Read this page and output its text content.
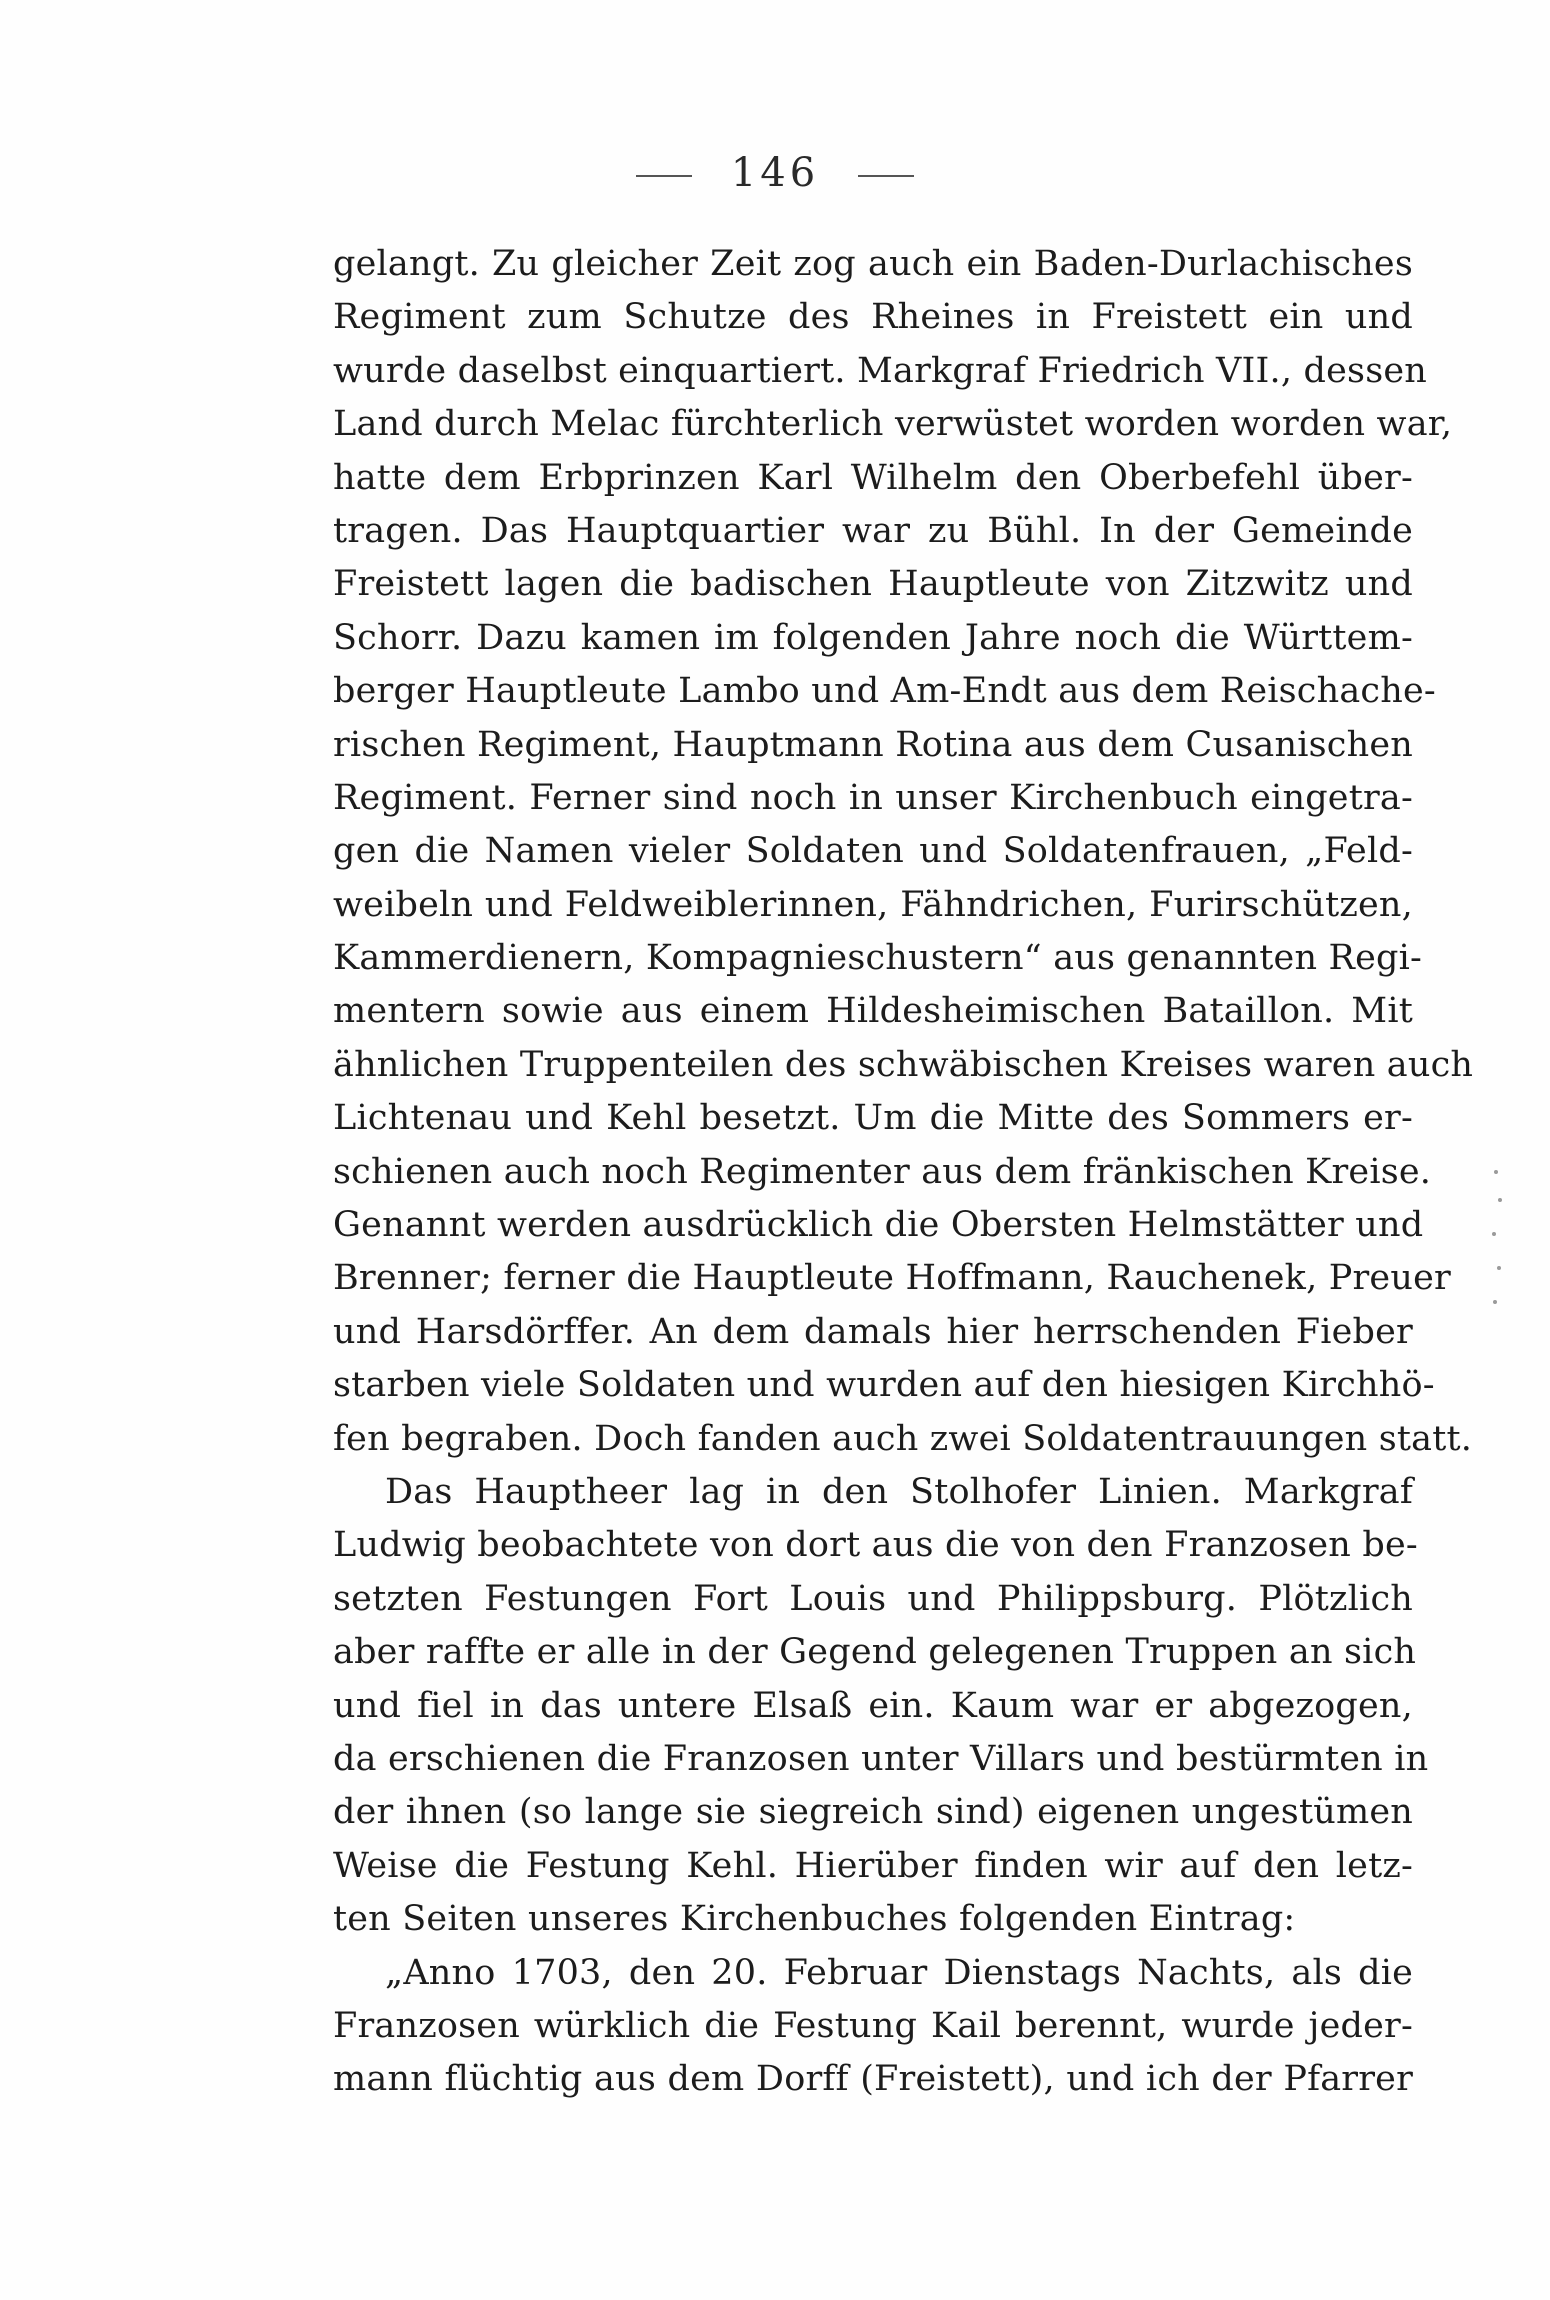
146
gelangt. Zu gleicher Zeit zog auch ein Baden-Durlachisches
Regiment zum Schutze des Rheines in Freistett ein und
wurde daselbst einquartiert. Markgraf Friedrich VII., dessen
Land durch Melac fürchterlich verwüstet worden worden war,
hatte dem Erbprinzen Karl Wilhelm den Oberbefehl über-
tragen. Das Hauptquartier war zu Bühl. In der Gemeinde
Freistett lagen die badischen Hauptleute von Zitzwitz und
Schorr. Dazu kamen im folgenden Jahre noch die Württem-
berger Hauptleute Lambo und Am-Endt aus dem Reischache-
rischen Regiment, Hauptmann Rotina aus dem Cusanischen
Regiment. Ferner sind noch in unser Kirchenbuch eingetra-
gen die Namen vieler Soldaten und Soldatenfrauen, „Feld-
weibeln und Feldweiblerinnen, Fähndrichen, Furirschützen,
Kammerdienern, Kompagnieschustern“ aus genannten Regi-
mentern sowie aus einem Hildesheimischen Bataillon. Mit
ähnlichen Truppenteilen des schwäbischen Kreises waren auch
Lichtenau und Kehl besetzt. Um die Mitte des Sommers er-
schienen auch noch Regimenter aus dem fränkischen Kreise.
Genannt werden ausdrücklich die Obersten Helmstätter und
Brenner; ferner die Hauptleute Hoffmann, Rauchenek, Preuer
und Harsdörffer. An dem damals hier herrschenden Fieber
starben viele Soldaten und wurden auf den hiesigen Kirchhö-
fen begraben. Doch fanden auch zwei Soldatentrauungen statt.
Das Hauptheer lag in den Stolhofer Linien. Markgraf
Ludwig beobachtete von dort aus die von den Franzosen be-
setzten Festungen Fort Louis und Philippsburg. Plötzlich
aber raffte er alle in der Gegend gelegenen Truppen an sich
und fiel in das untere Elsaß ein. Kaum war er abgezogen,
da erschienen die Franzosen unter Villars und bestürmten in
der ihnen (so lange sie siegreich sind) eigenen ungestümen
Weise die Festung Kehl. Hierüber finden wir auf den letz-
ten Seiten unseres Kirchenbuches folgenden Eintrag:
„Anno 1703, den 20. Februar Dienstags Nachts, als die
Franzosen würklich die Festung Kail berennt, wurde jeder-
mann flüchtig aus dem Dorff (Freistett), und ich der Pfarrer
